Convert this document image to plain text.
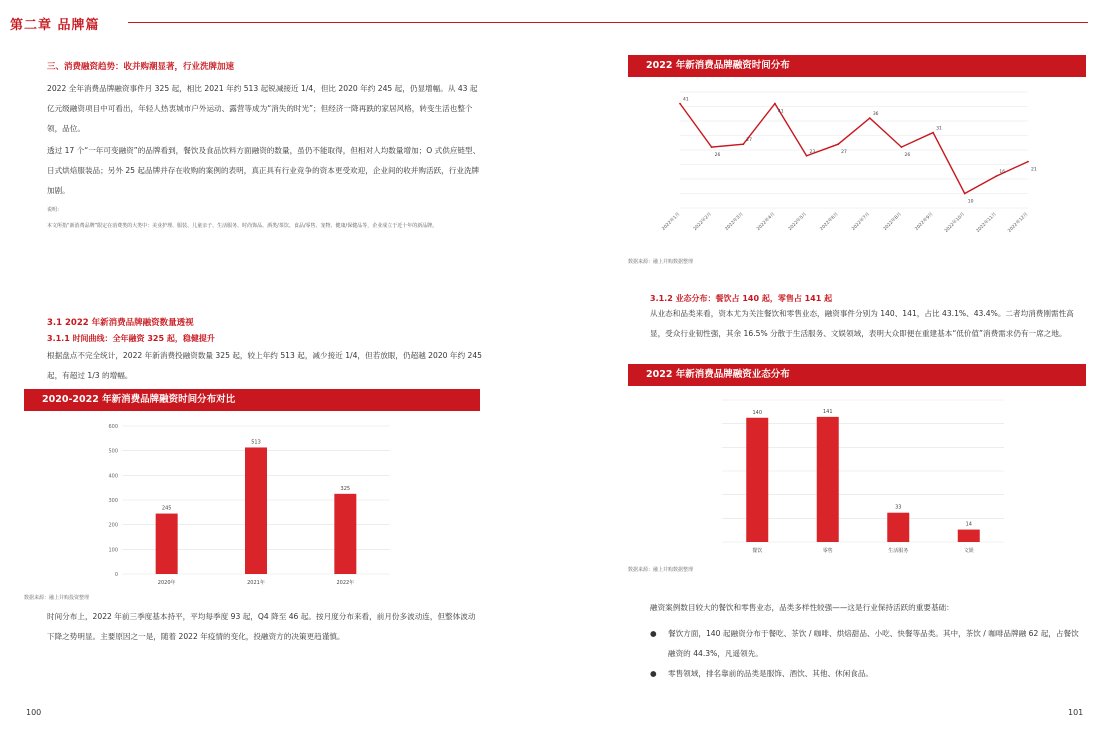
第二章 品牌篇
三、消费融资趋势：收并购潮显著，行业洗牌加速
2022 全年消费品牌融资事件月 325 起，相比 2021 年约 513 起锐减接近 1/4，但比 2020 年约 245 起，仍显增幅。从 43 起亿元级融资项目中可看出，年轻人热衷城市户外运动、露营等成为“消失的时光”；但经济一降再跌的家居风格，转变生活也整个领，品位。
透过 17 个“一年可变融资”的品牌看到，餐饮及食品饮料方面融资的数量，虽仍不能取得，但相对人均数量增加；O 式供应链型、日式烘焙服装品；另外 25 起品牌并存在收购的案例的表明，真正具有行业竞争的资本更受欢迎，企业间的收并购活跃，行业洗牌加剧。
说明：
本文所指“新消费品牌”限定在消费类的大类中：美业护理、服装、儿童亲子、生活服务、时尚饰品、酒类/茶饮、食品/零售、宠物、健康/保健品等，企业成立于近十年的新品牌。
3.1 2022 年新消费品牌融资数量透视
3.1.1 时间曲线：全年融资 325 起，稳健提升
根据盘点不完全统计，2022 年新消费投融资数量 325 起，较上年约 513 起，减少接近 1/4，但若放眼，仍超越 2020 年约 245 起，有超过 1/3 的增幅。
2020-2022 年新消费品牌融资时间分布对比
0
100
200
300
400
500
600
245
2020年
513
2021年
325
2022年
数据来源：融上并购投资整理
时间分布上，2022 年前三季度基本持平，平均每季度 93 起，Q4 降至 46 起。按月度分布来看，前月份多波动连，但整体波动下降之势明显。主要原因之一是，随着 2022 年疫情的变化，投融资方的决策更趋谨慎。
100
2022 年新消费品牌融资时间分布
41
2022年1月
26
2022年2月
27
2022年3月
41
2022年4月
23
2022年5月
27
2022年6月
36
2022年7月
26
2022年8月
31
2022年9月
10
2022年10月
16
2022年11月
21
2022年12月
数据来源：融上并购数据整理
3.1.2 业态分布：餐饮占 140 起，零售占 141 起
从业态和品类来看，资本尤为关注餐饮和零售业态，融资事件分别为 140、141，占比 43.1%、43.4%。二者均消费刚需性高显，受众行业韧性强，其余 16.5% 分散于生活服务、文娱领域，表明大众即便在重建基本“低价值”消费需求仍有一席之地。
2022 年新消费品牌融资业态分布
140
餐饮
141
零售
33
生活服务
14
文娱
数据来源：融上并购数据整理
融资案例数目较大的餐饮和零售业态，品类多样性较强——这是行业保持活跃的重要基础：
● 餐饮方面，140 起融资分布于餐吃、茶饮 / 咖啡、烘焙甜品、小吃、快餐等品类。其中，茶饮 / 咖啡品牌融 62 起，占餐饮融资的 44.3%，凡遥领先。
● 零售领域，排名靠前的品类是服饰、酒饮、其他、休闲食品。
101
